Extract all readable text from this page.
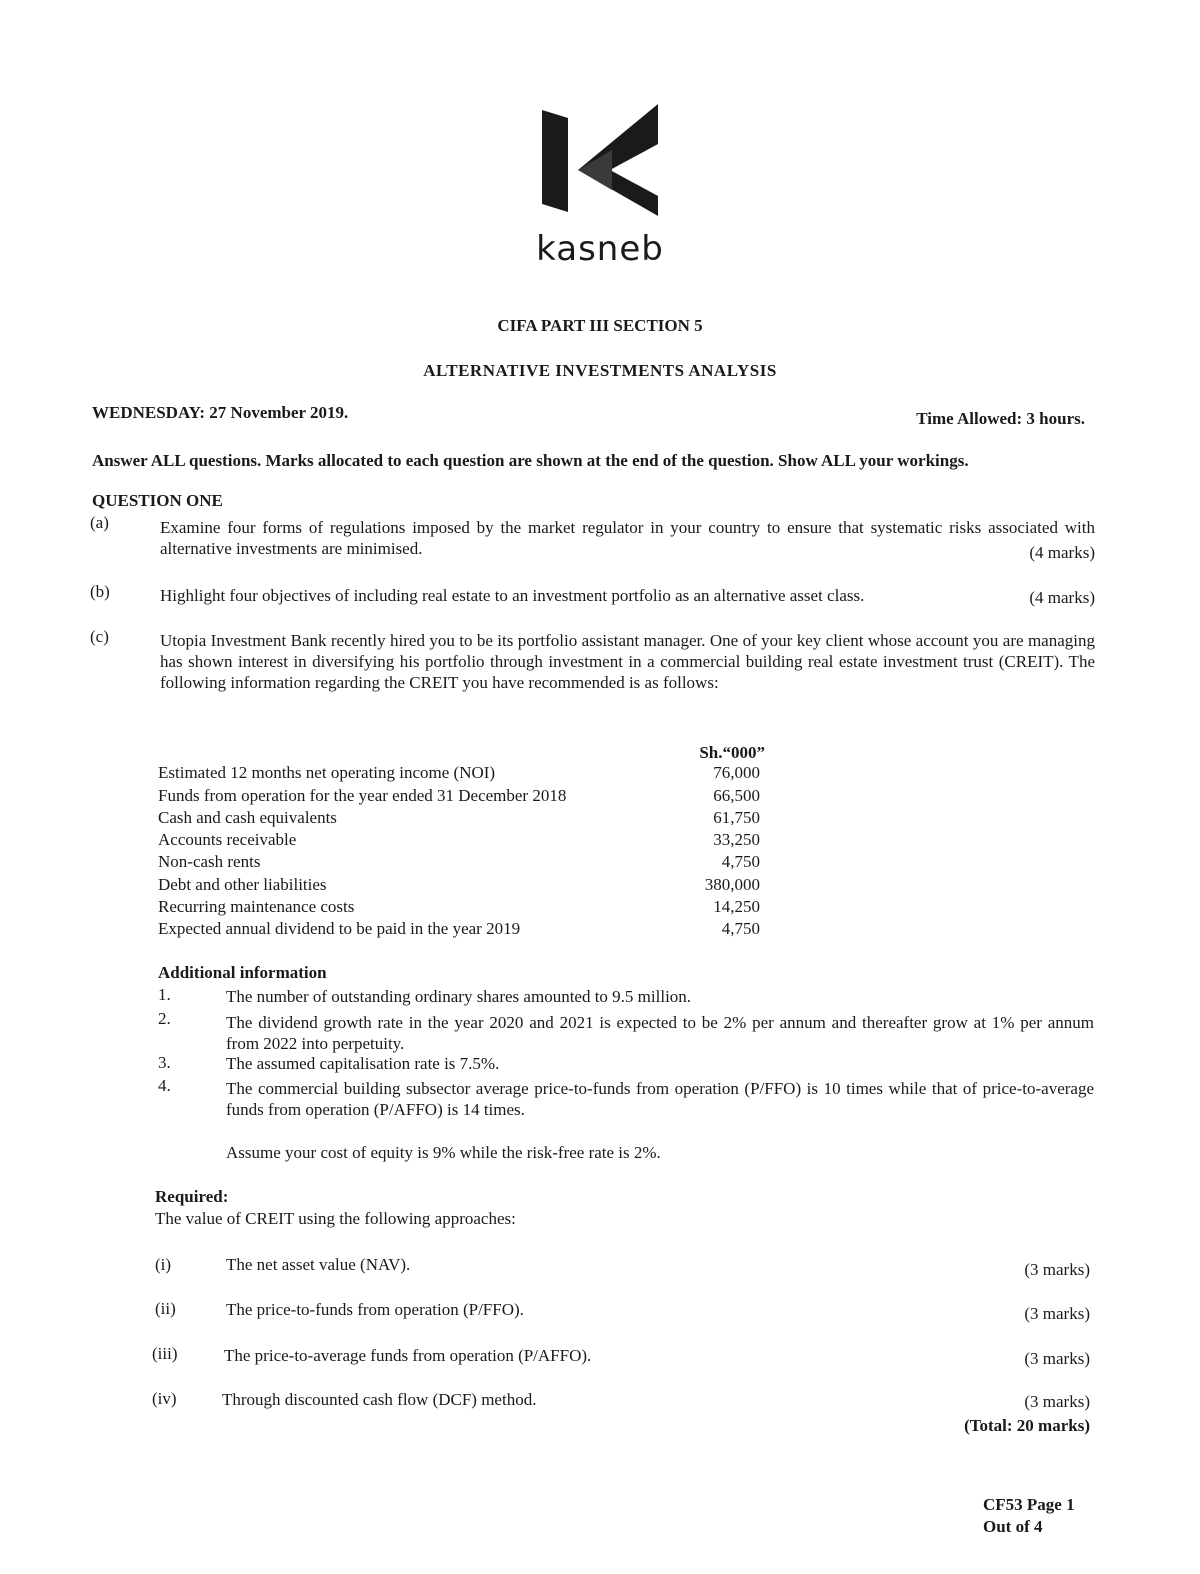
kasneb
Examinations
CIFA PART III SECTION 5
ALTERNATIVE INVESTMENTS ANALYSIS
WEDNESDAY: 27 November 2019.	Time Allowed: 3 hours.
Answer ALL questions. Marks allocated to each question are shown at the end of the question. Show ALL your workings.
QUESTION ONE
(a)	Examine four forms of regulations imposed by the market regulator in your country to ensure that systematic risks associated with alternative investments are minimised.	(4 marks)
(b)	Highlight four objectives of including real estate to an investment portfolio as an alternative asset class.	(4 marks)
(c)	Utopia Investment Bank recently hired you to be its portfolio assistant manager. One of your key client whose account you are managing has shown interest in diversifying his portfolio through investment in a commercial building real estate investment trust (CREIT). The following information regarding the CREIT you have recommended is as follows:
Sh.“000”
Estimated 12 months net operating income (NOI)	76,000
Funds from operation for the year ended 31 December 2018	66,500
Cash and cash equivalents	61,750
Accounts receivable	33,250
Non-cash rents	4,750
Debt and other liabilities	380,000
Recurring maintenance costs	14,250
Expected annual dividend to be paid in the year 2019	4,750
Additional information
1.	The number of outstanding ordinary shares amounted to 9.5 million.
2.	The dividend growth rate in the year 2020 and 2021 is expected to be 2% per annum and thereafter grow at 1% per annum from 2022 into perpetuity.
3.	The assumed capitalisation rate is 7.5%.
4.	The commercial building subsector average price-to-funds from operation (P/FFO) is 10 times while that of price-to-average funds from operation (P/AFFO) is 14 times.
Assume your cost of equity is 9% while the risk-free rate is 2%.
Required:
The value of CREIT using the following approaches:
(i)	The net asset value (NAV).	(3 marks)
(ii)	The price-to-funds from operation (P/FFO).	(3 marks)
(iii)	The price-to-average funds from operation (P/AFFO).	(3 marks)
(iv)	Through discounted cash flow (DCF) method.	(3 marks)
(Total: 20 marks)
CF53 Page 1
Out of 4
